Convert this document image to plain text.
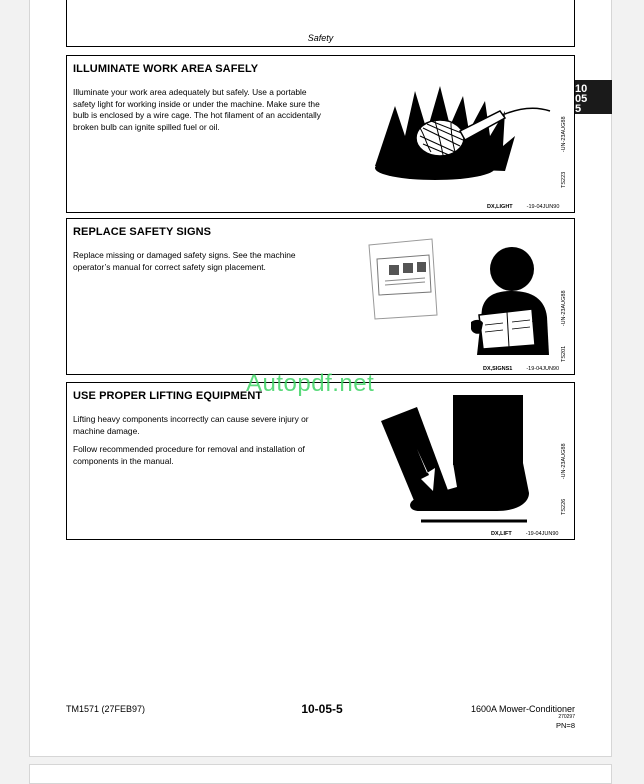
Safety
10
05
5
ILLUMINATE WORK AREA SAFELY

Illuminate your work area adequately but safely. Use a portable safety light for working inside or under the machine. Make sure the bulb is enclosed by a wire cage. The hot filament of an accidentally broken bulb can ignite spilled fuel or oil.

TS223 -UN-23AUG88
DX,LIGHT	-19-04JUN90
REPLACE SAFETY SIGNS

Replace missing or damaged safety signs. See the machine operator’s manual for correct safety sign placement.

TS201 -UN-23AUG88
DX,SIGNS1	-19-04JUN90
USE PROPER LIFTING EQUIPMENT

Lifting heavy components incorrectly can cause severe injury or machine damage.

Follow recommended procedure for removal and installation of components in the manual.

TS226 -UN-23AUG88
DX,LIFT	-19-04JUN90
Autopdf.net
TM1571 (27FEB97)	10-05-5	1600A Mower-Conditioner
270297
PN=8
